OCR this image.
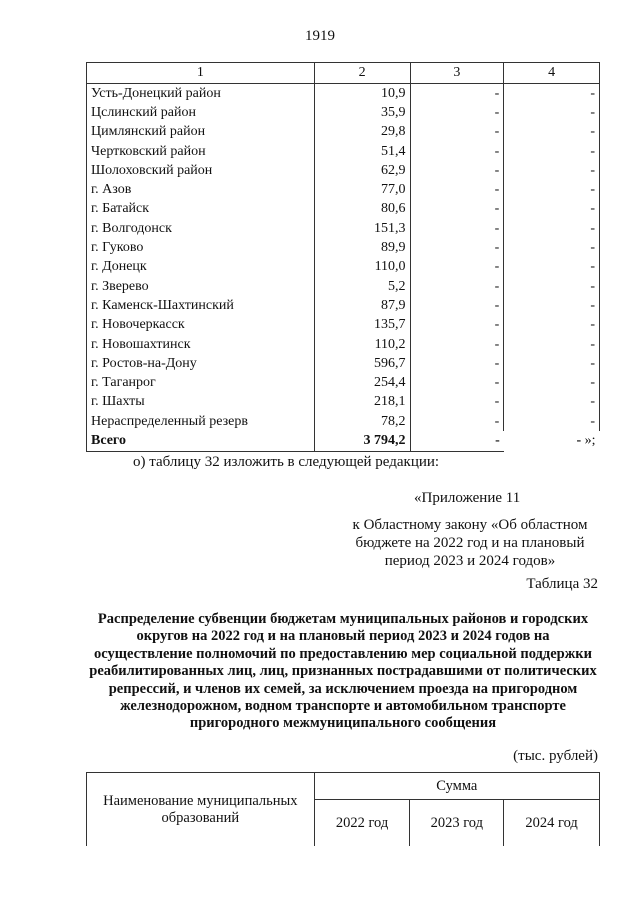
1919
1	2	3	4
Усть-Донецкий район	10,9	-	-
Цслинский район	35,9	-	-
Цимлянский район	29,8	-	-
Чертковский район	51,4	-	-
Шолоховский район	62,9	-	-
г. Азов	77,0	-	-
г. Батайск	80,6	-	-
г. Волгодонск	151,3	-	-
г. Гуково	89,9	-	-
г. Донецк	110,0	-	-
г. Зверево	5,2	-	-
г. Каменск-Шахтинский	87,9	-	-
г. Новочеркасск	135,7	-	-
г. Новошахтинск	110,2	-	-
г. Ростов-на-Дону	596,7	-	-
г. Таганрог	254,4	-	-
г. Шахты	218,1	-	-
Нераспределенный резерв	78,2	-	-
Всего	3 794,2	-	- »;
о) таблицу 32 изложить в следующей редакции:
«Приложение 11
к Областному закону «Об областном бюджете на 2022 год и на плановый период 2023 и 2024 годов»
Таблица 32
Распределение субвенции бюджетам муниципальных районов и городских округов на 2022 год и на плановый период 2023 и 2024 годов на осуществление полномочий по предоставлению мер социальной поддержки реабилитированных лиц, лиц, признанных пострадавшими от политических репрессий, и членов их семей, за исключением проезда на пригородном железнодорожном, водном транспорте и автомобильном транспорте пригородного межмуниципального сообщения
(тыс. рублей)
Наименование муниципальных образований	Сумма		
	2022 год	2023 год	2024 год
